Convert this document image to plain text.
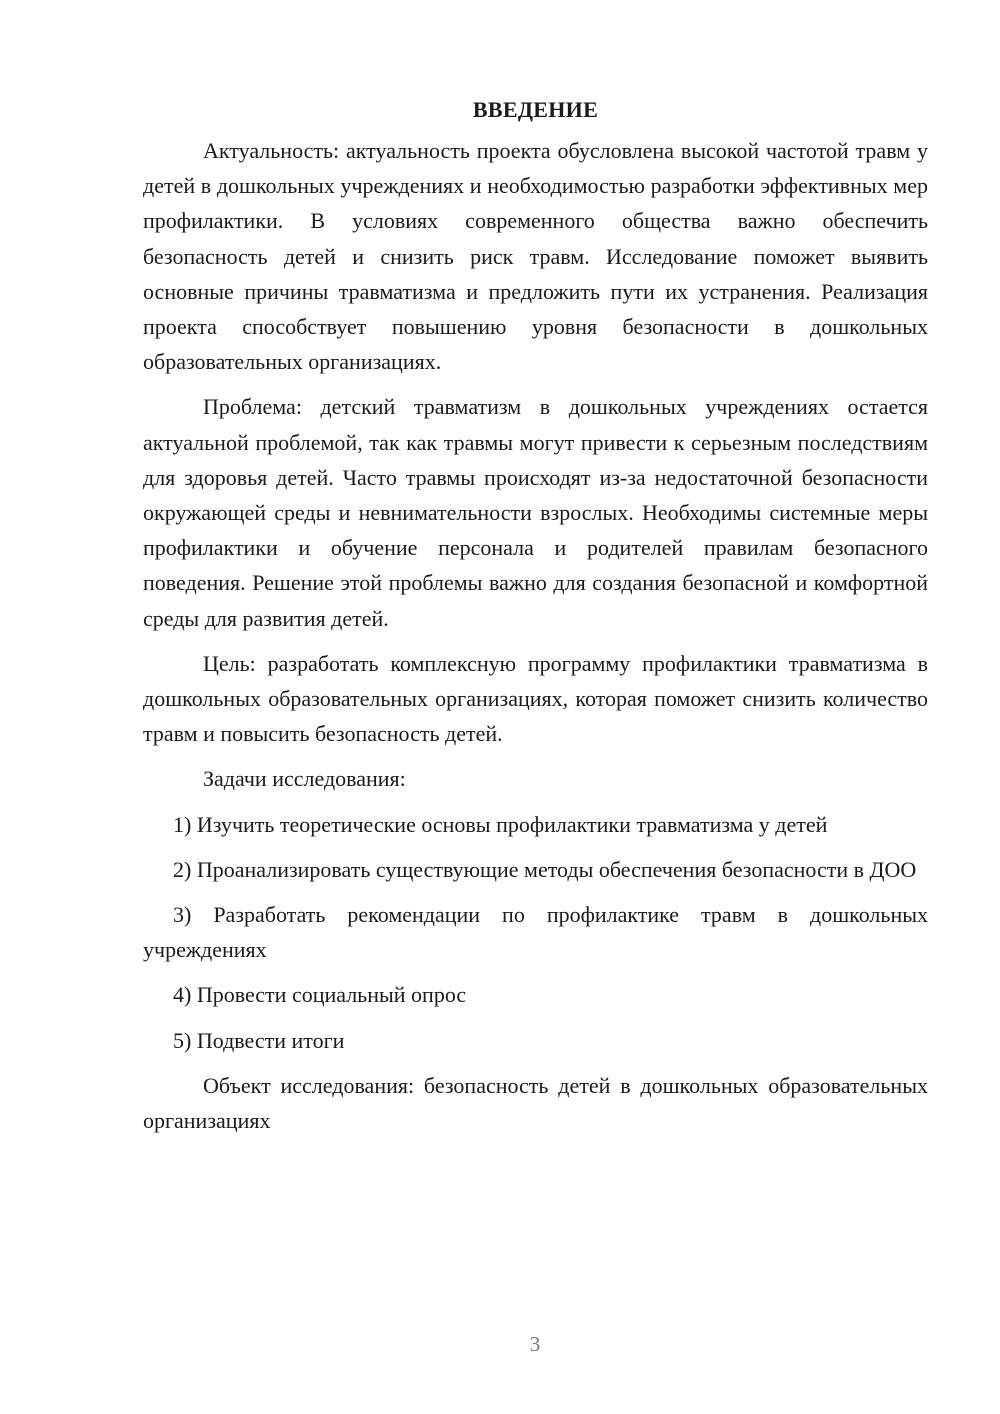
ВВЕДЕНИЕ

Актуальность: актуальность проекта обусловлена высокой частотой травм у детей в дошкольных учреждениях и необходимостью разработки эффективных мер профилактики. В условиях современного общества важно обеспечить безопасность детей и снизить риск травм. Исследование поможет выявить основные причины травматизма и предложить пути их устранения. Реализация проекта способствует повышению уровня безопасности в дошкольных образовательных организациях.

Проблема: детский травматизм в дошкольных учреждениях остается актуальной проблемой, так как травмы могут привести к серьезным последствиям для здоровья детей. Часто травмы происходят из-за недостаточной безопасности окружающей среды и невнимательности взрослых. Необходимы системные меры профилактики и обучение персонала и родителей правилам безопасного поведения. Решение этой проблемы важно для создания безопасной и комфортной среды для развития детей.

Цель: разработать комплексную программу профилактики травматизма в дошкольных образовательных организациях, которая поможет снизить количество травм и повысить безопасность детей.

Задачи исследования:

1) Изучить теоретические основы профилактики травматизма у детей

2) Проанализировать существующие методы обеспечения безопасности в ДОО

3) Разработать рекомендации по профилактике травм в дошкольных учреждениях

4) Провести социальный опрос

5) Подвести итоги

Объект исследования: безопасность детей в дошкольных образовательных организациях

3
